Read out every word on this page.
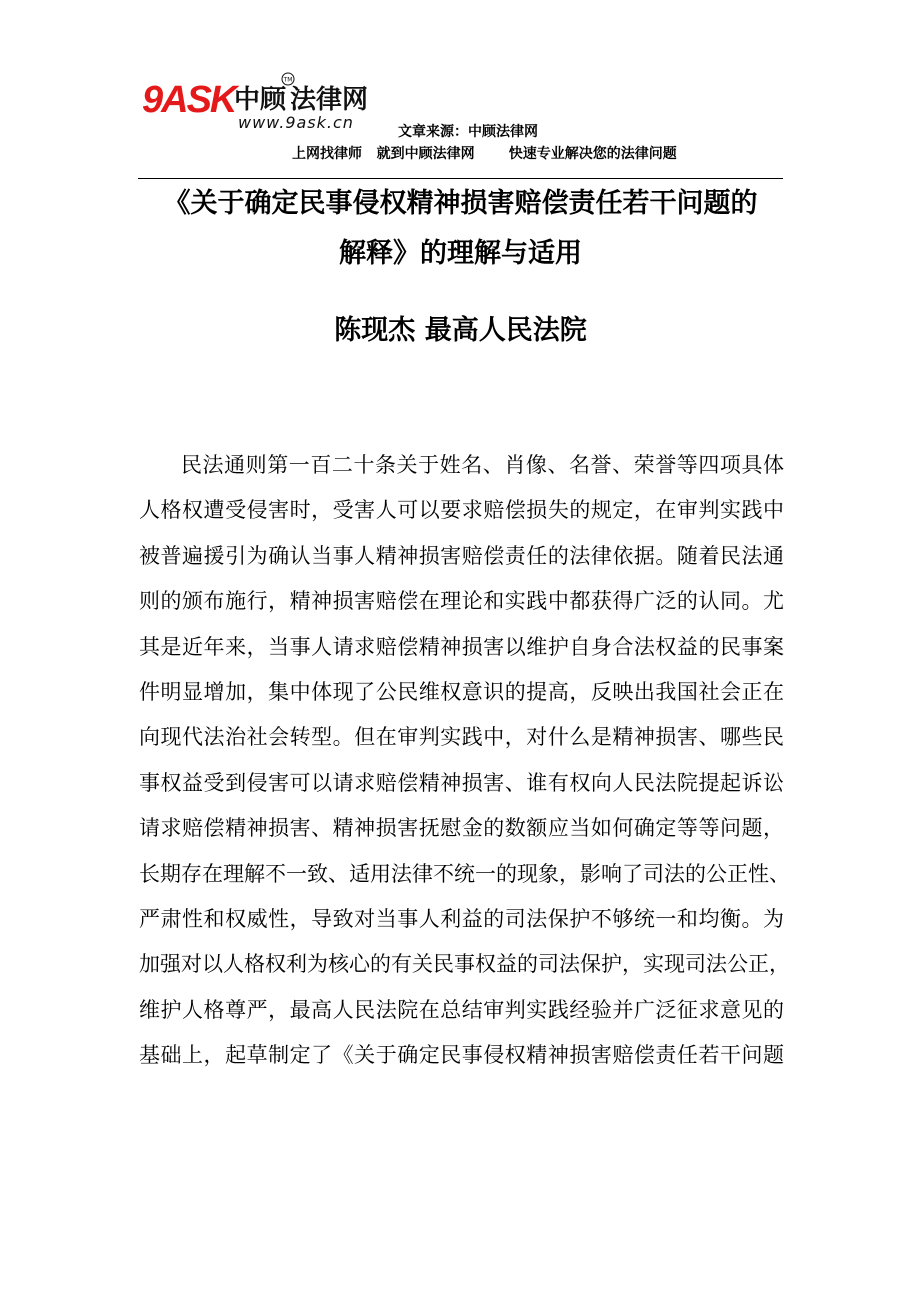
9ASK
中顾 法律网
TM
www.9ask.cn	文章来源：中顾法律网
上网找律师   就到中顾法律网       快速专业解决您的法律问题
《关于确定民事侵权精神损害赔偿责任若干问题的
解释》的理解与适用
陈现杰 最高人民法院
民法通则第一百二十条关于姓名、肖像、名誉、荣誉等四项具体
人格权遭受侵害时，受害人可以要求赔偿损失的规定，在审判实践中
被普遍援引为确认当事人精神损害赔偿责任的法律依据。随着民法通
则的颁布施行，精神损害赔偿在理论和实践中都获得广泛的认同。尤
其是近年来，当事人请求赔偿精神损害以维护自身合法权益的民事案
件明显增加，集中体现了公民维权意识的提高，反映出我国社会正在
向现代法治社会转型。但在审判实践中，对什么是精神损害、哪些民
事权益受到侵害可以请求赔偿精神损害、谁有权向人民法院提起诉讼
请求赔偿精神损害、精神损害抚慰金的数额应当如何确定等等问题，
长期存在理解不一致、适用法律不统一的现象，影响了司法的公正性、
严肃性和权威性，导致对当事人利益的司法保护不够统一和均衡。为
加强对以人格权利为核心的有关民事权益的司法保护，实现司法公正，
维护人格尊严，最高人民法院在总结审判实践经验并广泛征求意见的
基础上，起草制定了《关于确定民事侵权精神损害赔偿责任若干问题
